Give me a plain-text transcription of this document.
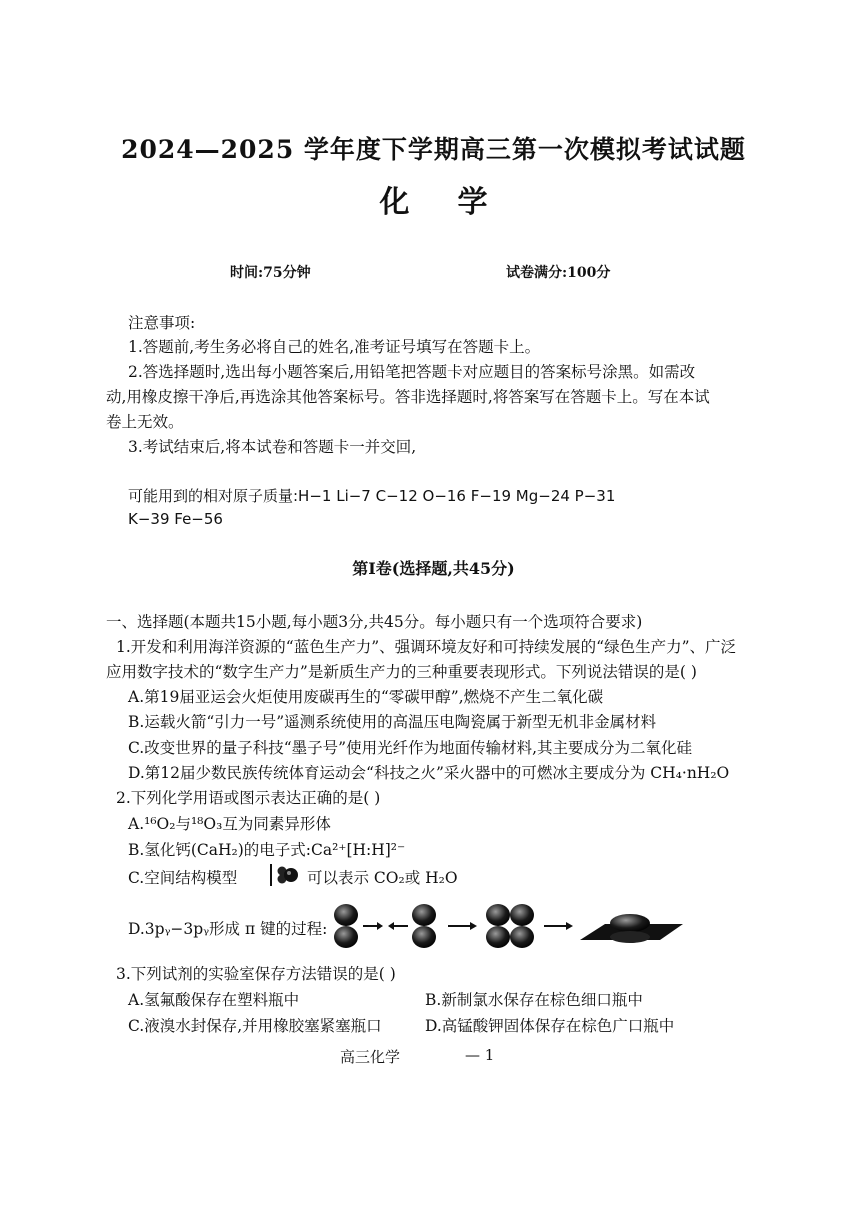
2024—2025 学年度下学期高三第一次模拟考试试题
化学
时间:75分钟	试卷满分:100分
注意事项:
1.答题前,考生务必将自己的姓名,准考证号填写在答题卡上。
2.答选择题时,选出每小题答案后,用铅笔把答题卡对应题目的答案标号涂黑。如需改
动,用橡皮擦干净后,再选涂其他答案标号。答非选择题时,将答案写在答题卡上。写在本试
卷上无效。
3.考试结束后,将本试卷和答题卡一并交回,
可能用到的相对原子质量:H−1 Li−7 C−12 O−16 F−19 Mg−24 P−31
K−39 Fe−56
第Ⅰ卷(选择题,共45分)
一、选择题(本题共15小题,每小题3分,共45分。每小题只有一个选项符合要求)
1.开发和利用海洋资源的“蓝色生产力”、强调环境友好和可持续发展的“绿色生产力”、广泛
应用数字技术的“数字生产力”是新质生产力的三种重要表现形式。下列说法错误的是( )
A.第19届亚运会火炬使用废碳再生的“零碳甲醇”,燃烧不产生二氧化碳
B.运载火箭“引力一号”遥测系统使用的高温压电陶瓷属于新型无机非金属材料
C.改变世界的量子科技“墨子号”使用光纤作为地面传输材料,其主要成分为二氧化硅
D.第12届少数民族传统体育运动会“科技之火”采火器中的可燃冰主要成分为 CH₄·nH₂O
2.下列化学用语或图示表达正确的是( )
A.¹⁶O₂与¹⁸O₃互为同素异形体
B.氢化钙(CaH₂)的电子式:Ca²⁺[H:H]²⁻
C.空间结构模型	可以表示 CO₂或 H₂O
D.3pᵧ−3pᵧ形成 π 键的过程:
3.下列试剂的实验室保存方法错误的是( )
A.氢氟酸保存在塑料瓶中	B.新制氯水保存在棕色细口瓶中
C.液溴水封保存,并用橡胶塞紧塞瓶口	D.高锰酸钾固体保存在棕色广口瓶中
高三化学	— 1
